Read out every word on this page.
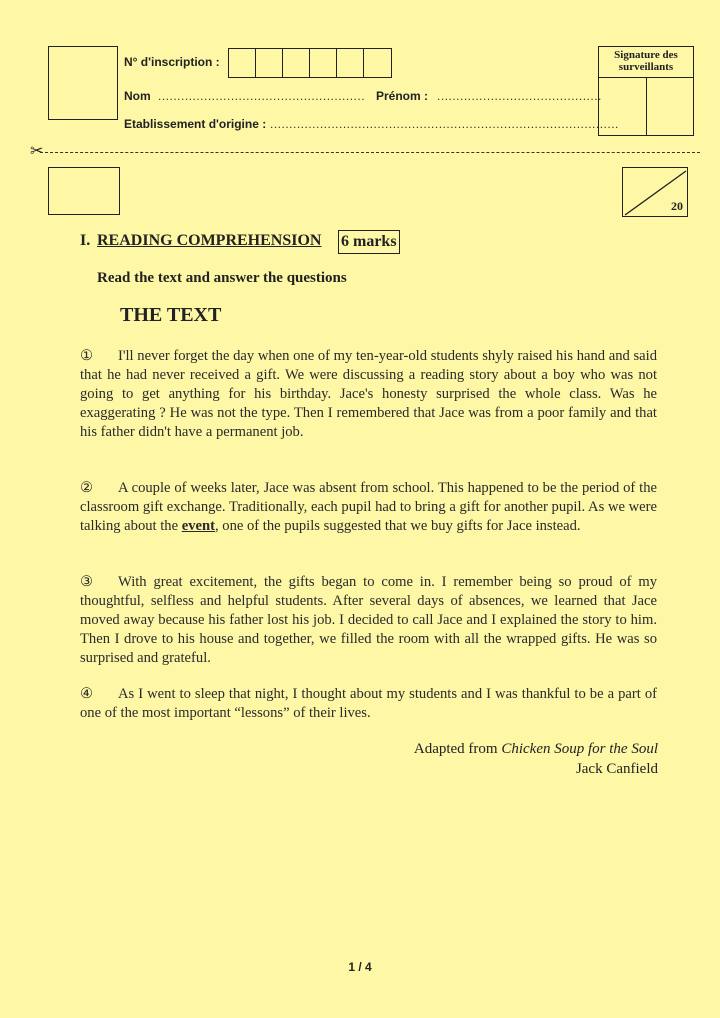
N° d'inscription :
Nom ...................................................... Prénom : ...........................................
Etablissement d'origine : ...........................................................................................
Signature des
surveillants
✂
20
I. READING COMPREHENSION 6 marks
Read the text and answer the questions
THE TEXT
① I'll never forget the day when one of my ten-year-old students shyly raised his hand and said that he had never received a gift. We were discussing a reading story about a boy who was not going to get anything for his birthday. Jace's honesty surprised the whole class. Was he exaggerating ? He was not the type. Then I remembered that Jace was from a poor family and that his father didn't have a permanent job.
② A couple of weeks later, Jace was absent from school. This happened to be the period of the classroom gift exchange. Traditionally, each pupil had to bring a gift for another pupil. As we were talking about the event, one of the pupils suggested that we buy gifts for Jace instead.
③ With great excitement, the gifts began to come in. I remember being so proud of my thoughtful, selfless and helpful students. After several days of absences, we learned that Jace moved away because his father lost his job. I decided to call Jace and I explained the story to him. Then I drove to his house and together, we filled the room with all the wrapped gifts. He was so surprised and grateful.
④ As I went to sleep that night, I thought about my students and I was thankful to be a part of one of the most important “lessons” of their lives.
Adapted from Chicken Soup for the Soul
Jack Canfield
1 / 4
